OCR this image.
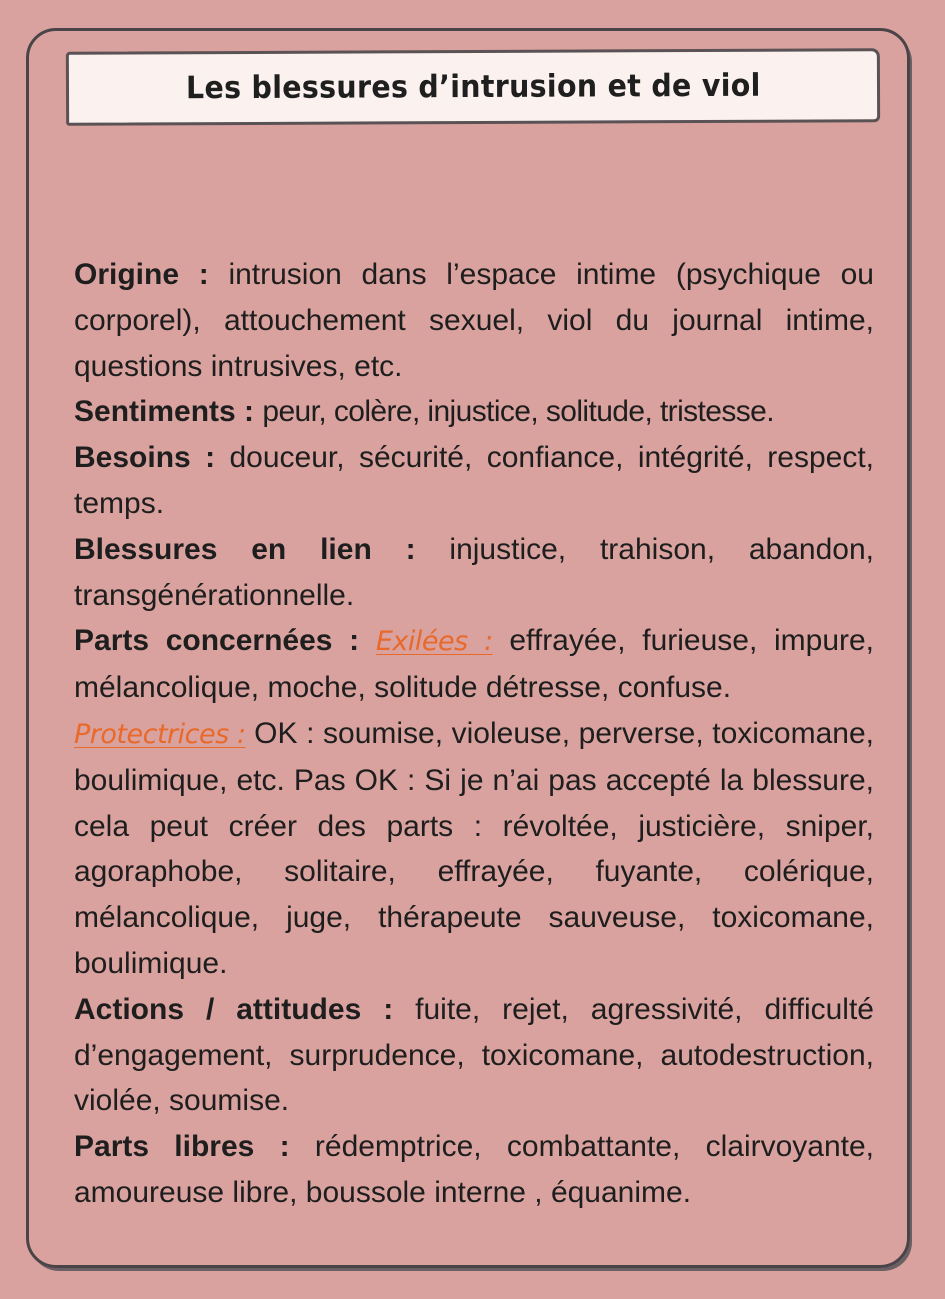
Les blessures d’intrusion et de viol

Origine : intrusion dans l’espace intime (psychique ou corporel), attouchement sexuel, viol du journal intime, questions intrusives, etc.

Sentiments : peur, colère, injustice, solitude, tristesse.

Besoins : douceur, sécurité, confiance, intégrité, respect, temps.

Blessures en lien : injustice, trahison, abandon, transgénérationnelle.

Parts concernées : Exilées : effrayée, furieuse, impure, mélancolique, moche, solitude détresse, confuse.

Protectrices : OK : soumise, violeuse, perverse, toxicomane, boulimique, etc. Pas OK : Si je n’ai pas accepté la blessure, cela peut créer des parts : révoltée, justicière, sniper, agoraphobe, solitaire, effrayée, fuyante, colérique, mélancolique, juge, thérapeute sauveuse, toxicomane, boulimique.

Actions / attitudes : fuite, rejet, agressivité, difficulté d’engagement, surprudence, toxicomane, autodestruction, violée, soumise.

Parts libres : rédemptrice, combattante, clairvoyante, amoureuse libre, boussole interne , équanime.
